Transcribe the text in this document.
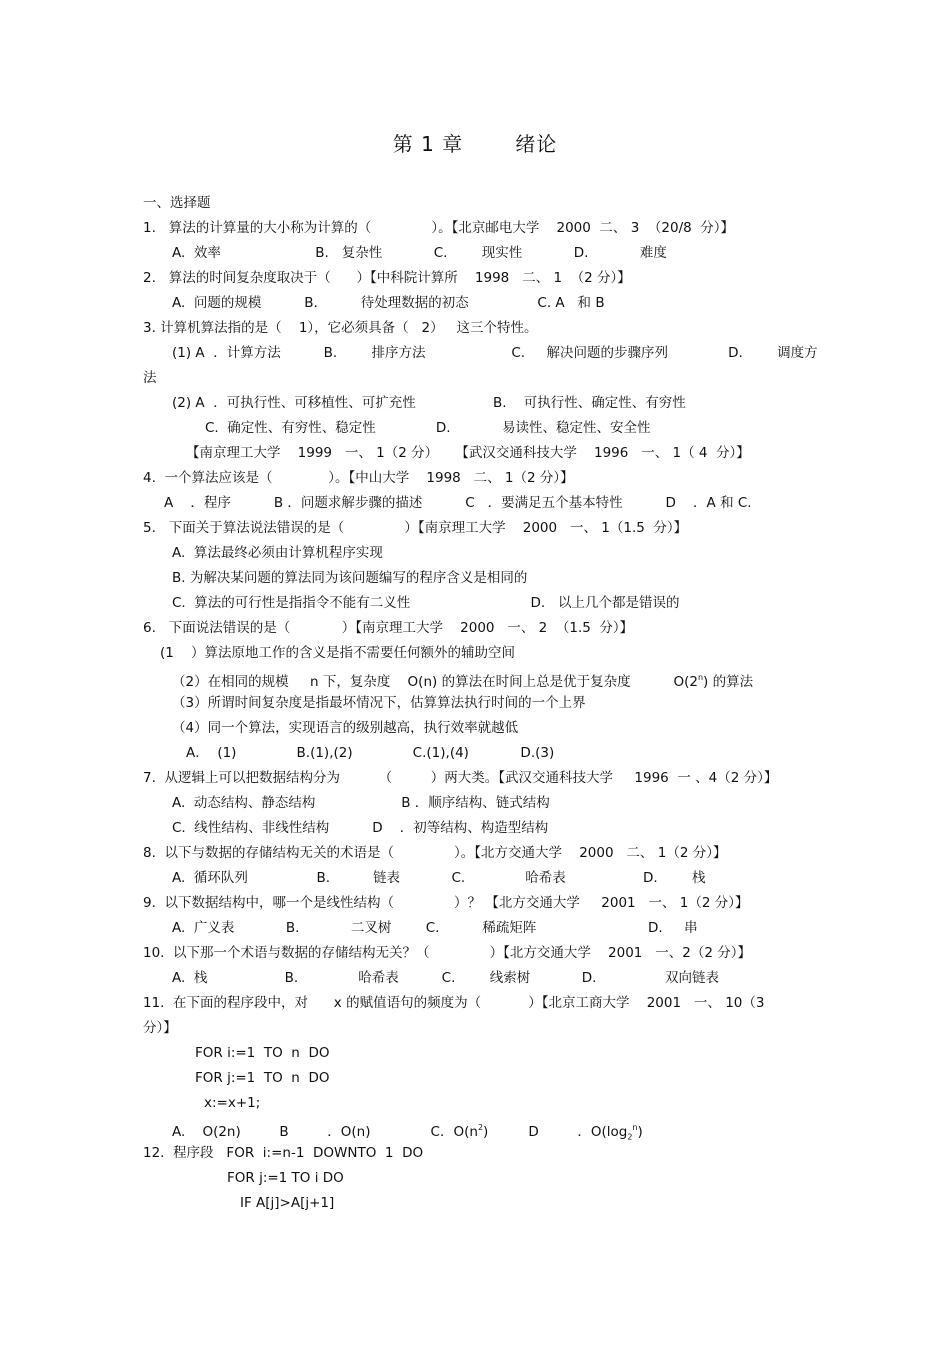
第 1 章	绪论
一、选择题
1.   算法的计算量的大小称为计算的（              ）。【北京邮电大学    2000  二、 3  （20/8  分）】
A.  效率                      B.   复杂性            C.        现实性            D.            难度
2.   算法的时间复杂度取决于（      ）【中科院计算所    1998   二、 1  （2 分）】
A.  问题的规模          B.          待处理数据的初态                C. A   和 B
3. 计算机算法指的是（    1），它必须具备（   2）   这三个特性。
(1) A  ．计算方法          B.        排序方法                    C.     解决问题的步骤序列              D.        调度方
法
(2) A  ．可执行性、可移植性、可扩充性                  B.    可执行性、确定性、有穷性
C.  确定性、有穷性、稳定性              D.            易读性、稳定性、安全性
【南京理工大学    1999   一、 1（2 分）    【武汉交通科技大学    1996   一、 1（ 4  分）】
4.  一个算法应该是（             ）。【中山大学    1998   二、 1（2 分）】
A    ．程序          B ．问题求解步骤的描述          C   ．要满足五个基本特性          D    ．A 和 C.
5.   下面关于算法说法错误的是（              ）【南京理工大学    2000   一、 1（1.5  分）】
A.  算法最终必须由计算机程序实现
B. 为解决某问题的算法同为该问题编写的程序含义是相同的
C.  算法的可行性是指指令不能有二义性                            D.   以上几个都是错误的
6.   下面说法错误的是（            ）【南京理工大学    2000   一、 2  （1.5  分）】
(1    ）算法原地工作的含义是指不需要任何额外的辅助空间
（2）在相同的规模     n 下，复杂度    O(n) 的算法在时间上总是优于复杂度          O(2$^n$) 的算法
（3）所谓时间复杂度是指最坏情况下，估算算法执行时间的一个上界
（4）同一个算法，实现语言的级别越高，执行效率就越低
A．  (1)              B.(1),(2)              C.(1),(4)            D.(3)
7.  从逻辑上可以把数据结构分为         （         ）两大类。【武汉交通科技大学     1996  一 、4（2 分）】
A.  动态结构、静态结构                    B ．顺序结构、链式结构
C.  线性结构、非线性结构          D    ．初等结构、构造型结构
8.  以下与数据的存储结构无关的术语是（              ）。【北方交通大学    2000   二、 1（2 分）】
A.  循环队列                B.          链表            C.              哈希表                  D.        栈
9.  以下数据结构中，哪一个是线性结构（              ）？ 【北方交通大学     2001   一、 1（2 分）】
A.  广义表            B.            二叉树        C.          稀疏矩阵                          D.     串
10.  以下那一个术语与数据的存储结构无关？（              ）【北方交通大学    2001   一、2（2 分）】
A.  栈                  B.              哈希表          C.        线索树            D.                双向链表
11.  在下面的程序段中，对      x 的赋值语句的频度为（           ）【北京工商大学    2001   一、 10（3
分）】
FOR i:=1  TO  n  DO
FOR j:=1  TO  n  DO
x:=x+1;
A.    O(2n)         B         ．O(n)              C．$O(n^2)$	D         ．$O(\log_2^n)$
12.  程序段   FOR  i:=n-1  DOWNTO  1  DO
FOR j:=1 TO i DO
IF A[j]>A[j+1]
